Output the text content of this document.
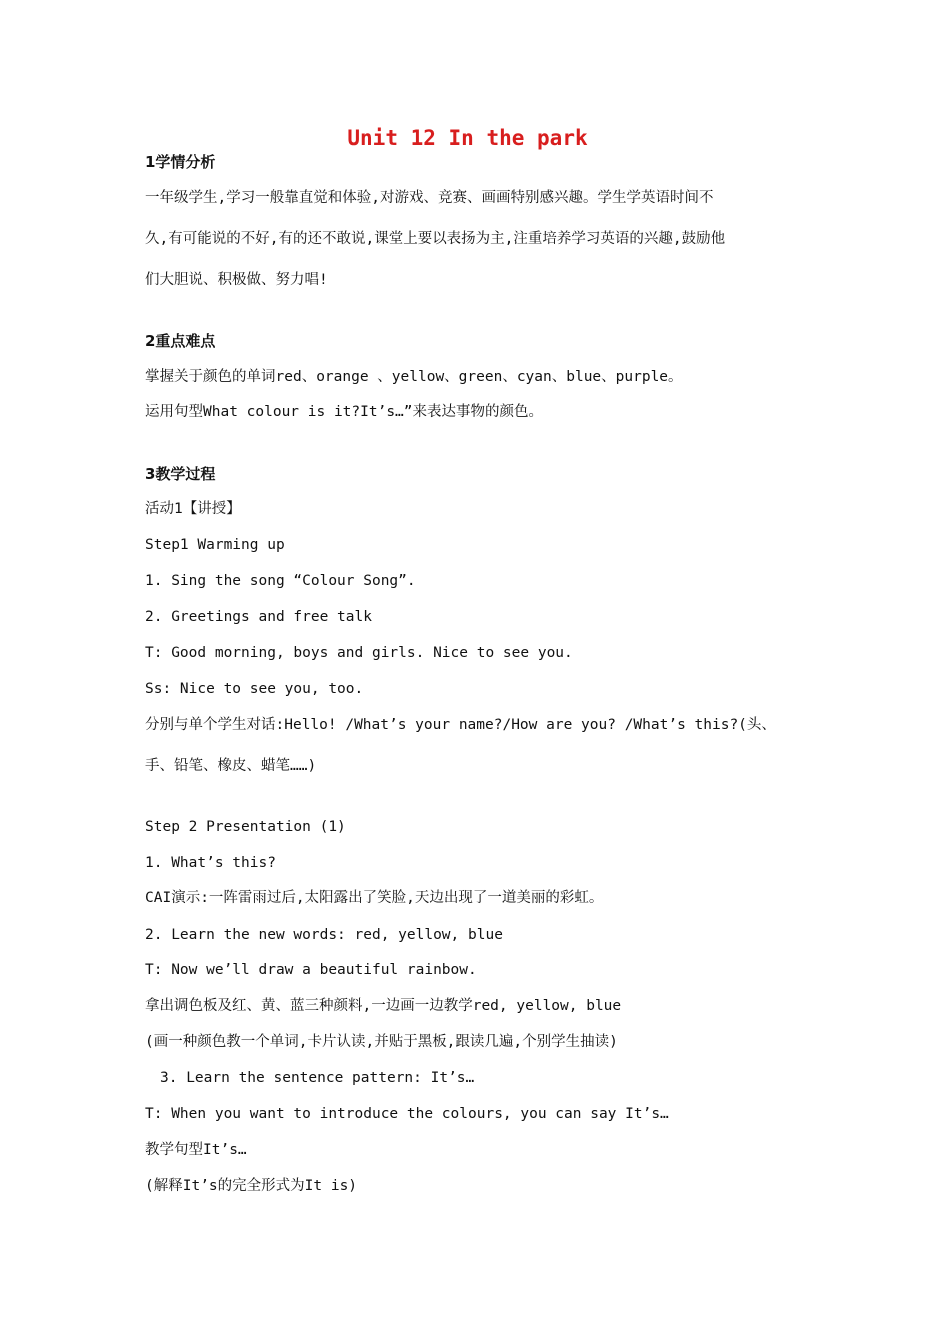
Unit 12 In the park
1学情分析
一年级学生,学习一般靠直觉和体验,对游戏、竞赛、画画特别感兴趣。学生学英语时间不
久,有可能说的不好,有的还不敢说,课堂上要以表扬为主,注重培养学习英语的兴趣,鼓励他
们大胆说、积极做、努力唱!
2重点难点
掌握关于颜色的单词red、orange 、yellow、green、cyan、blue、purple。
运用句型What colour is it?It’s…”来表达事物的颜色。
3教学过程
活动1【讲授】
Step1 Warming up
1. Sing the song “Colour Song”.
2. Greetings and free talk
T: Good morning, boys and girls. Nice to see you.
Ss: Nice to see you, too.
分别与单个学生对话:Hello! /What’s your name?/How are you? /What’s this?(头、
手、铅笔、橡皮、蜡笔……)
Step 2 Presentation (1)
1. What’s this?
CAI演示:一阵雷雨过后,太阳露出了笑脸,天边出现了一道美丽的彩虹。
2. Learn the new words: red, yellow, blue
T: Now we’ll draw a beautiful rainbow.
拿出调色板及红、黄、蓝三种颜料,一边画一边教学red, yellow, blue
(画一种颜色教一个单词,卡片认读,并贴于黑板,跟读几遍,个别学生抽读)
3. Learn the sentence pattern: It’s…
T: When you want to introduce the colours, you can say It’s…
教学句型It’s…
(解释It’s的完全形式为It is)
